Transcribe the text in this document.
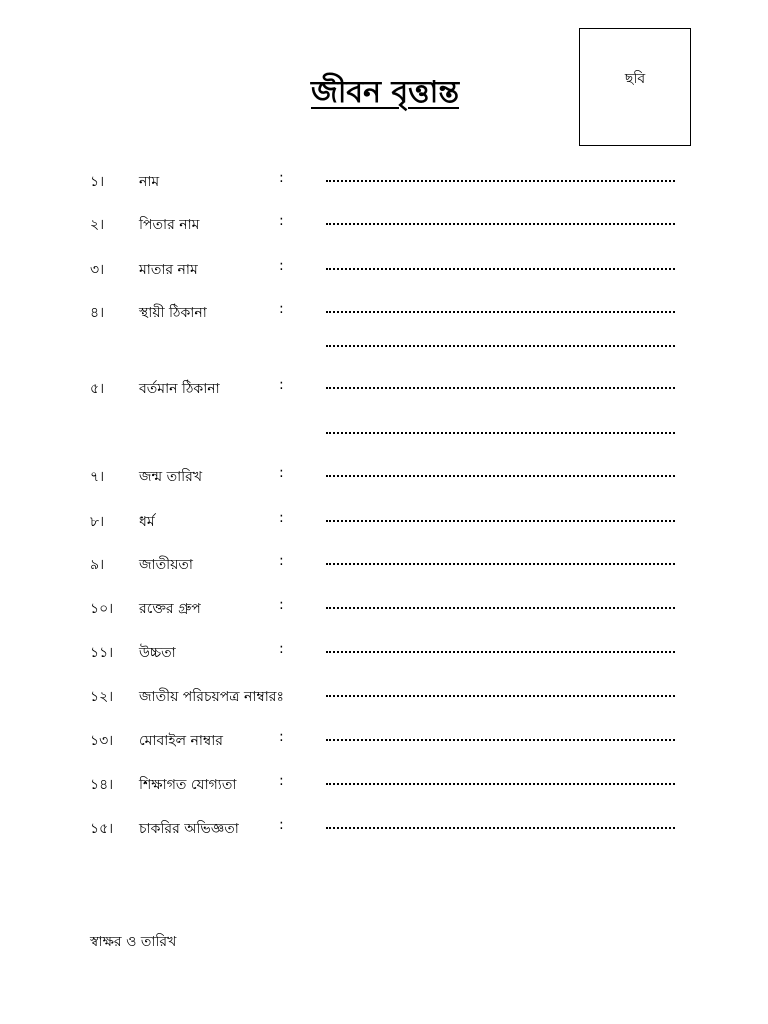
ছবি
জীবন বৃত্তান্ত
১। নাম	:
২। পিতার নাম	:
৩। মাতার নাম	:
৪। স্থায়ী ঠিকানা	:
৫। বর্তমান ঠিকানা	:
৭। জন্ম তারিখ	:
৮। ধর্ম	:
৯। জাতীয়তা	:
১০। রক্তের গ্রুপ	:
১১। উচ্চতা	:
১২। জাতীয় পরিচয়পত্র নাম্বারঃ
১৩। মোবাইল নাম্বার	:
১৪। শিক্ষাগত যোগ্যতা	:
১৫। চাকরির অভিজ্ঞতা	:
স্বাক্ষর ও তারিখ
